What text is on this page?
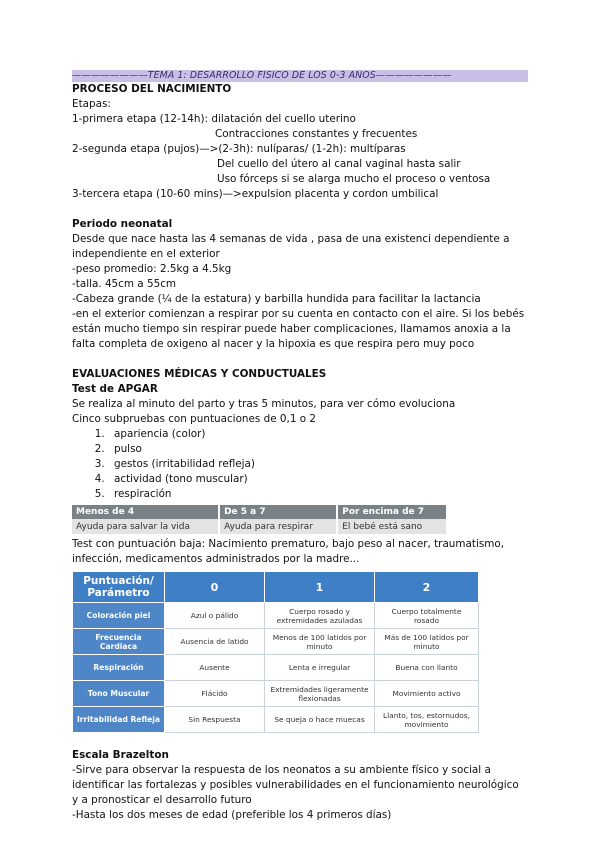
————————TEMA 1: DESARROLLO FÍSICO DE LOS 0-3 AÑOS————————
PROCESO DEL NACIMIENTO
Etapas:
1-primera etapa (12-14h): dilatación del cuello uterino
Contracciones constantes y frecuentes
2-segunda etapa (pujos)—>(2-3h): nulíparas/ (1-2h): multíparas
Del cuello del útero al canal vaginal hasta salir
Uso fórceps si se alarga mucho el proceso o ventosa
3-tercera etapa (10-60 mins)—>expulsion placenta y cordon umbilical
Periodo neonatal
Desde que nace hasta las 4 semanas de vida , pasa de una existenci dependiente a independiente en el exterior
-peso promedio: 2.5kg a 4.5kg
-talla. 45cm a 55cm
-Cabeza grande (¼ de la estatura) y barbilla hundida para facilitar la lactancia
-en el exterior comienzan a respirar por su cuenta en contacto con el aire. Si los bebés están mucho tiempo sin respirar puede haber complicaciones, llamamos anoxia a la falta completa de oxigeno al nacer y la hipoxia es que respira pero muy poco
EVALUACIONES MÉDICAS Y CONDUCTUALES
Test de APGAR
Se realiza al minuto del parto y tras 5 minutos, para ver cómo evoluciona
Cinco subpruebas con puntuaciones de 0,1 o 2
1. apariencia (color)
2. pulso
3. gestos (irritabilidad refleja)
4. actividad (tono muscular)
5. respiración
Menos de 4	De 5 a 7	Por encima de 7
Ayuda para salvar la vida	Ayuda para respirar	El bebé está sano
Test con puntuación baja: Nacimiento prematuro, bajo peso al nacer, traumatismo, infección, medicamentos administrados por la madre...
Puntuación/
Parámetro	0	1	2
Coloración piel	Azul o pálido	Cuerpo rosado y extremidades azuladas	Cuerpo totalmente rosado
Frecuencia Cardiaca	Ausencia de latido	Menos de 100 latidos por minuto	Más de 100 latidos por minuto
Respiración	Ausente	Lenta e irregular	Buena con llanto
Tono Muscular	Flácido	Extremidades ligeramente flexionadas	Movimiento activo
Irritabilidad Refleja	Sin Respuesta	Se queja o hace muecas	Llanto, tos, estornudos, movimiento
Escala Brazelton
-Sirve para observar la respuesta de los neonatos a su ambiente físico y social a identificar las fortalezas y posibles vulnerabilidades en el funcionamiento neurológico y a pronosticar el desarrollo futuro
-Hasta los dos meses de edad (preferible los 4 primeros días)
